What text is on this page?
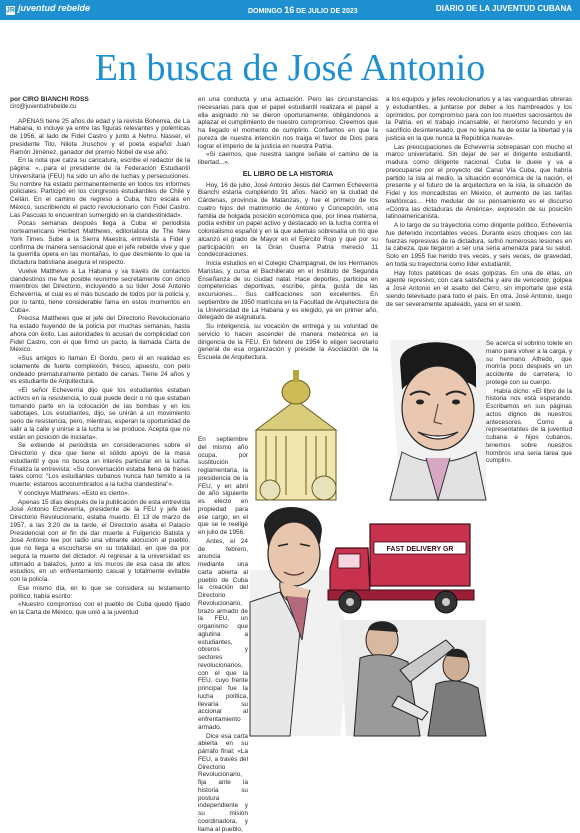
JR juventud rebelde	DOMINGO 16 DE JULIO DE 2023	DIARIO DE LA JUVENTUD CUBANA
En busca de José Antonio

por CIRO BIANCHI ROSS

ciro@juventudrebelde.cu

APENAS tiene 25 años de edad y la revista Bohemia, de La Habana, lo incluye ya entre las figuras relevantes y polémicas de 1956, al lado de Fidel Castro y junto a Nehru, Nasser, el presidente Tito, Nikita Jruschov y el poeta español Juan Ramón Jiménez, ganador del premio Nobel de ese año.

En la nota que calza su caricatura, escribe el redactor de la página: «...para el presidente de la Federación Estudiantil Universitaria (FEU) ha sido un año de luchas y persecuciones. Su nombre ha estado permanentemente en todos los informes policiales. Participó en los congresos estudiantiles de Chile y Ceilán. En el camino de regreso a Cuba, hizo escala en México, suscribiendo el pacto revolucionario con Fidel Castro. Las Pascuas lo encuentran sumergido en la clandestinidad».

Pocas semanas después llega a Cuba el periodista norteamericano Herbert Matthews, editorialista de The New York Times. Sube a la Sierra Maestra, entrevista a Fidel y confirma de manera sensacional que el jefe rebelde vive y que la guerrilla opera en las montañas, lo que desmiente lo que la dictadura batistiana asegura el respecto.

Vuelve Matthews a La Habana y va través de contactos clandestinos me fue posible reunirme secretamente con cinco miembros del Directorio, incluyendo a su líder José Antonio Echeverría, el cual es el más buscado de todos por la policía y, por lo tanto, tiene considerable fama en estos momentos en Cuba».

Precisa Matthews que el jefe del Directorio Revolucionario ha estado huyendo de la policía por muchas semanas, hasta ahora con éxito. Las autoridades lo acusan de complicidad con Fidel Castro, con el que firmó un pacto, la llamada Carta de México.

«Sus amigos lo llaman El Gordo, pero él en realidad es solamente de fuerte complexión, fresco, apuesto, con pelo ondeado prematuramente pintado de canas. Tiene 24 años y es estudiante de Arquitectura.

«El señor Echeverría dijo que los estudiantes estaban activos en la resistencia, lo cual puede decir o no que estaban tomando parte en la colocación de las bombas y en los sabotajes. Los estudiantes, dijo, se unirán a un movimiento serio de resistencia, pero, mientras, esperan la oportunidad de salir a la calle y unirse a la lucha si se produce. Acepta que no están en posición de iniciarla».

Se extiende el periodista en consideraciones sobre el Directorio y dice que tiene el sólido apoyo de la masa estudiantil y que no busca un interés particular en la lucha. Finaliza la entrevista: «Su conversación estaba llena de frases tales como: “Los estudiantes cubanos nunca han temido a la muerte; estamos acostumbrados a la lucha clandestina”».

Y concluye Matthews: «Esto es cierto».

Apenas 15 días después de la publicación de esta entrevista José Antonio Echeverría, presidente de la FEU y jefe del Directorio Revolucionario, estaba muerto. El 13 de marzo de 1957, a las 3:20 de la tarde, el Directorio asalta el Palacio Presidencial con el fin de dar muerte a Fulgencio Batista y José Antonio lee por radio una vibrante alocución al pueblo, que no llega a escucharse en su totalidad, en que da por segura la muerte del dictador. Al regresar a la universidad es ultimado a balazos, junto a los muros de esa casa de altos estudios, en un enfrentamiento casual y totalmente evitable con la policía.

Ese mismo día, en lo que se considera su testamento político, había escrito:

«Nuestro compromiso con el pueblo de Cuba quedó fijado en la Carta de México, que unió a la juventud

en una conducta y una actuación. Pero las circunstancias necesarias para que el papel estudiantil realizara el papel a ella asignado no se dieron oportunamente, obligándonos a aplazar el cumplimiento de nuestro compromiso. Creemos que ha llegado el momento de cumplirlo. Confiamos en que la pureza de nuestra intención nos traiga el favor de Dios para lograr el imperio de la justicia en nuestra Patria.

«Si caemos, que nuestra sangre señale el camino de la libertad...».

EL LIBRO DE LA HISTORIA

Hoy, 16 de julio, José Antonio Jesús del Carmen Echeverría Bianchi estaría cumpliendo 91 años. Nació en la ciudad de Cárdenas, provincia de Matanzas, y fue el primero de los cuatro hijos del matrimonio de Antonio y Concepción, una familia de holgada posición económica que, por línea materna, podía exhibir un papel activo y destacado en la lucha contra el colonialismo español y en la que además sobresalía un tío que alcanzó el grado de Mayor en el Ejército Rojo y que por su participación en la Gran Guerra Patria mereció 11 condecoraciones.

Inicia estudios en el Colegio Champagnat, de los Hermanos Maristas, y cursa el Bachillerato en el Instituto de Segunda Enseñanza de su ciudad natal. Hace deportes, participa en competencias deportivas, escribe, pinta, gusta de las excursiones... Sus calificaciones son excelentes. En septiembre de 1950 matricula en la Facultad de Arquitectura de la Universidad de La Habana y es elegido, ya en primer año, delegado de asignatura.

Su inteligencia, su vocación de entrega y su voluntad de servicio lo hacen ascender de manera meteórica en la dirigencia de la FEU. En febrero de 1954 lo eligen secretario general de esa organización y preside la Asociación de la Escuela de Arquitectura.

En septiembre del mismo año ocupa, por sustitución reglamentaria, la presidencia de la FEU, y en abril de año siguiente es electo en propiedad para ese cargo, en el que se le reelige en julio de 1956.

Antes, el 24 de febrero, anuncia mediante una carta abierta al pueblo de Cuba la creación del Directorio Revolucionario, brazo armado de la FEU, un organismo que aglutina a estudiantes, obreros y sectores revolucionarios, con el que la FEU, cuyo frente principal fue la lucha política, llevaría su accionar al enfrentamiento armado.

Dice esa carta abierta en su párrafo final: «La FEU, a través del Directorio Revolucionario, fija ante la historia su postura independiente y su misión coordinadora, y llama al pueblo,

a los equipos y jefes revolucionarios y a las vanguardias obreras y estudiantiles, a juntarse por deber a los hambreados y los oprimidos, por compromiso para con los muertos sacrosantos de la Patria, en el trabajo incansable, el heroísmo fecundo y en sacrificio desinteresado, que no lejana ha de estar la libertad y la justicia en la que nunca la República nueva».

Las preocupaciones de Echeverría sobrepasan con mucho el marco universitario. Sin dejar de ser el dirigente estudiantil, madura como dirigente nacional. Cuba le duele y va a preocuparse por el proyecto del Canal Vía Cuba, que habría partido la isla al medio, la situación económica de la nación, el presente y el futuro de la arquitectura en la isla, la situación de Fidel y los moncadistas en México, el aumento de las tarifas telefónicas... Hito medular de su pensamiento es el discurso «Contra las dictaduras de América», expresión de su posición latinoamericanista.

A lo largo de su trayectoria como dirigente político, Echeverría fue detenido incontables veces. Durante esos choques con las fuerzas represivas de la dictadura, sufrió numerosas lesiones en la cabeza, que llegaron a ser una seria amenaza para su salud. Solo en 1955 fue herido tres veces, y seis veces, de gravedad, en toda su trayectoria como líder estudiantil.

Hay fotos patéticas de esas golpizas. En una de ellas, un agente represivo, con cara satisfecha y aire de vencedor, golpea a José Antonio en el asalto del Cerro, sin importarle que está siendo televisado para todo el país. En otra, José Antonio, luego de ser severamente apaleado, yace en el suelo.

Se acerca el sobrino tolete en mano para volver a la carga, y su hermano Alfredo, que moriría poco después en un accidente de carretera, lo protege con su cuerpo.

Había dicho: «El libro de la historia nos está esperando. Escribamos en sus páginas actos dignos de nuestros antecesores. Como a representantes de la juventud cubana e hijos cubanos, tenemos sobre nuestros hombros una seria tarea que cumplir».

FAST DELIVERY GR
